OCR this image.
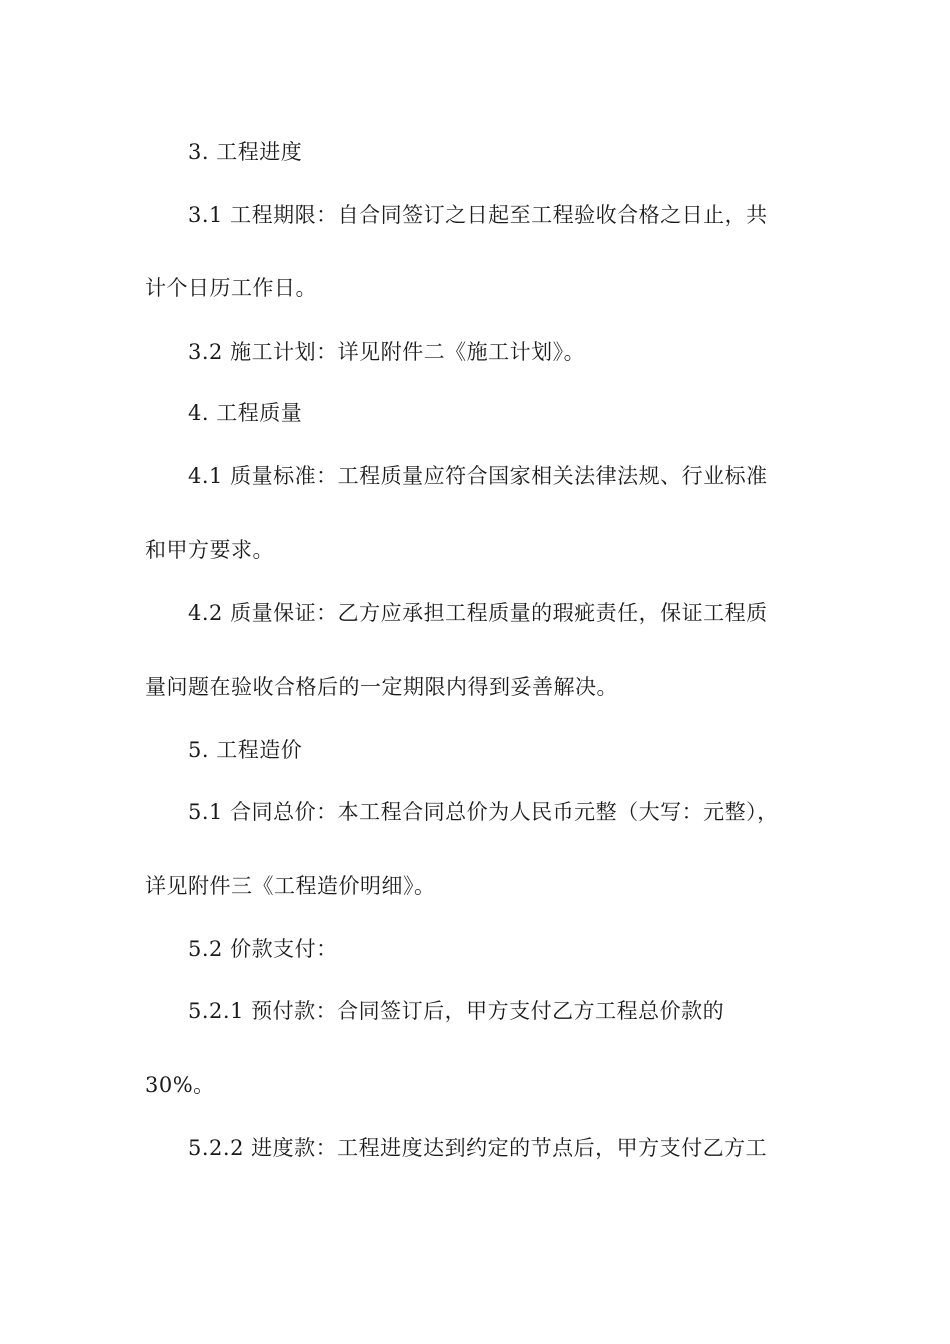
3. 工程进度
3.1 工程期限：自合同签订之日起至工程验收合格之日止，共
计个日历工作日。
3.2 施工计划：详见附件二《施工计划》。
4. 工程质量
4.1 质量标准：工程质量应符合国家相关法律法规、行业标准
和甲方要求。
4.2 质量保证：乙方应承担工程质量的瑕疵责任，保证工程质
量问题在验收合格后的一定期限内得到妥善解决。
5. 工程造价
5.1 合同总价：本工程合同总价为人民币元整（大写：元整），
详见附件三《工程造价明细》。
5.2 价款支付：
5.2.1 预付款：合同签订后，甲方支付乙方工程总价款的
30%。
5.2.2 进度款：工程进度达到约定的节点后，甲方支付乙方工
